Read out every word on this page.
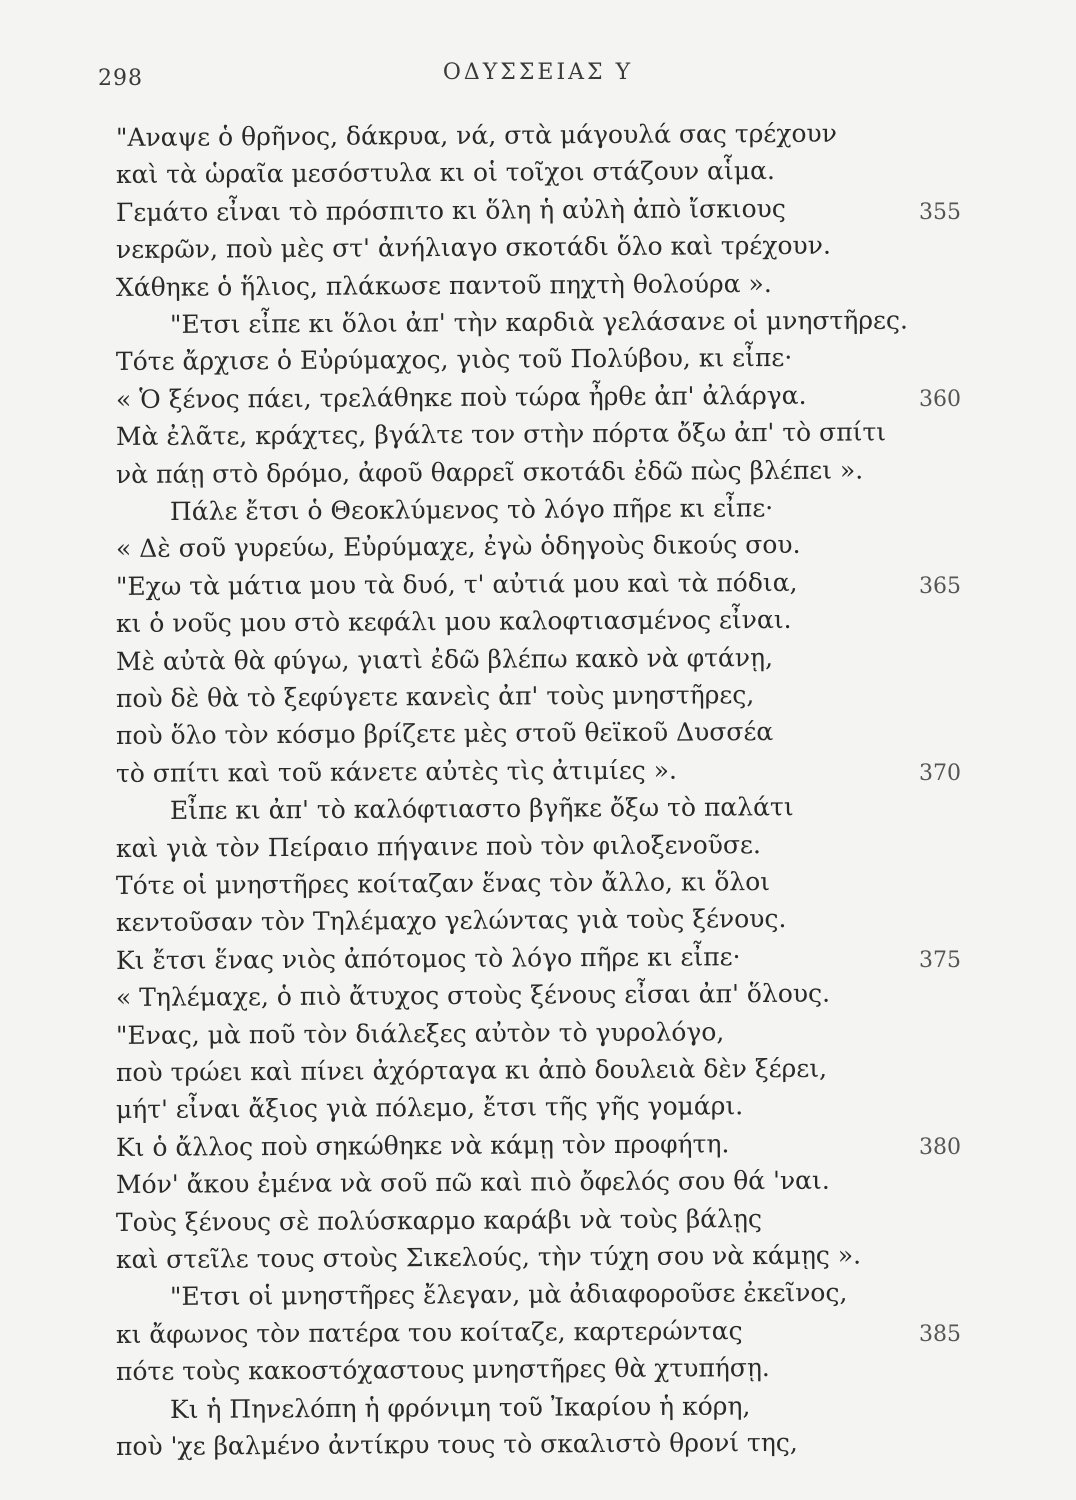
298	ΟΔΥΣΣΕΙΑΣ Υ
"Αναψε ὁ θρῆνος, δάκρυα, νά, στὰ μάγουλά σας τρέχουν
καὶ τὰ ὡραῖα μεσόστυλα κι οἱ τοῖχοι στάζουν αἷμα.
Γεμάτο εἶναι τὸ πρόσπιτο κι ὅλη ἡ αὐλὴ ἀπὸ ἴσκιους
νεκρῶν, ποὺ μὲς στ' ἀνήλιαγο σκοτάδι ὅλο καὶ τρέχουν.
Χάθηκε ὁ ἥλιος, πλάκωσε παντοῦ πηχτὴ θολούρα ».
"Ετσι εἶπε κι ὅλοι ἀπ' τὴν καρδιὰ γελάσανε οἱ μνηστῆρες.
Τότε ἄρχισε ὁ Εὐρύμαχος, γιὸς τοῦ Πολύβου, κι εἶπε·
« Ὁ ξένος πάει, τρελάθηκε ποὺ τώρα ἦρθε ἀπ' ἀλάργα.
Μὰ ἐλᾶτε, κράχτες, βγάλτε τον στὴν πόρτα ὄξω ἀπ' τὸ σπίτι
νὰ πάῃ στὸ δρόμο, ἀφοῦ θαρρεῖ σκοτάδι ἐδῶ πὼς βλέπει ».
Πάλε ἔτσι ὁ Θεοκλύμενος τὸ λόγο πῆρε κι εἶπε·
« Δὲ σοῦ γυρεύω, Εὐρύμαχε, ἐγὼ ὁδηγοὺς δικούς σου.
"Εχω τὰ μάτια μου τὰ δυό, τ' αὐτιά μου καὶ τὰ πόδια,
κι ὁ νοῦς μου στὸ κεφάλι μου καλοφτιασμένος εἶναι.
Μὲ αὐτὰ θὰ φύγω, γιατὶ ἐδῶ βλέπω κακὸ νὰ φτάνῃ,
ποὺ δὲ θὰ τὸ ξεφύγετε κανεὶς ἀπ' τοὺς μνηστῆρες,
ποὺ ὅλο τὸν κόσμο βρίζετε μὲς στοῦ θεϊκοῦ Δυσσέα
τὸ σπίτι καὶ τοῦ κάνετε αὐτὲς τὶς ἀτιμίες ».
Εἶπε κι ἀπ' τὸ καλόφτιαστο βγῆκε ὄξω τὸ παλάτι
καὶ γιὰ τὸν Πείραιο πήγαινε ποὺ τὸν φιλοξενοῦσε.
Τότε οἱ μνηστῆρες κοίταζαν ἕνας τὸν ἄλλο, κι ὅλοι
κεντοῦσαν τὸν Τηλέμαχο γελώντας γιὰ τοὺς ξένους.
Κι ἔτσι ἕνας νιὸς ἀπότομος τὸ λόγο πῆρε κι εἶπε·
« Τηλέμαχε, ὁ πιὸ ἄτυχος στοὺς ξένους εἶσαι ἀπ' ὅλους.
"Ενας, μὰ ποῦ τὸν διάλεξες αὐτὸν τὸ γυρολόγο,
ποὺ τρώει καὶ πίνει ἀχόρταγα κι ἀπὸ δουλειὰ δὲν ξέρει,
μήτ' εἶναι ἄξιος γιὰ πόλεμο, ἔτσι τῆς γῆς γομάρι.
Κι ὁ ἄλλος ποὺ σηκώθηκε νὰ κάμῃ τὸν προφήτη.
Μόν' ἄκου ἐμένα νὰ σοῦ πῶ καὶ πιὸ ὄφελός σου θά 'ναι.
Τοὺς ξένους σὲ πολύσκαρμο καράβι νὰ τοὺς βάλῃς
καὶ στεῖλε τους στοὺς Σικελούς, τὴν τύχη σου νὰ κάμῃς ».
"Ετσι οἱ μνηστῆρες ἔλεγαν, μὰ ἀδιαφοροῦσε ἐκεῖνος,
κι ἄφωνος τὸν πατέρα του κοίταζε, καρτερώντας
πότε τοὺς κακοστόχαστους μνηστῆρες θὰ χτυπήσῃ.
Κι ἡ Πηνελόπη ἡ φρόνιμη τοῦ Ἰκαρίου ἡ κόρη,
ποὺ 'χε βαλμένο ἀντίκρυ τους τὸ σκαλιστὸ θρονί της,
355
360
365
370
375
380
385
